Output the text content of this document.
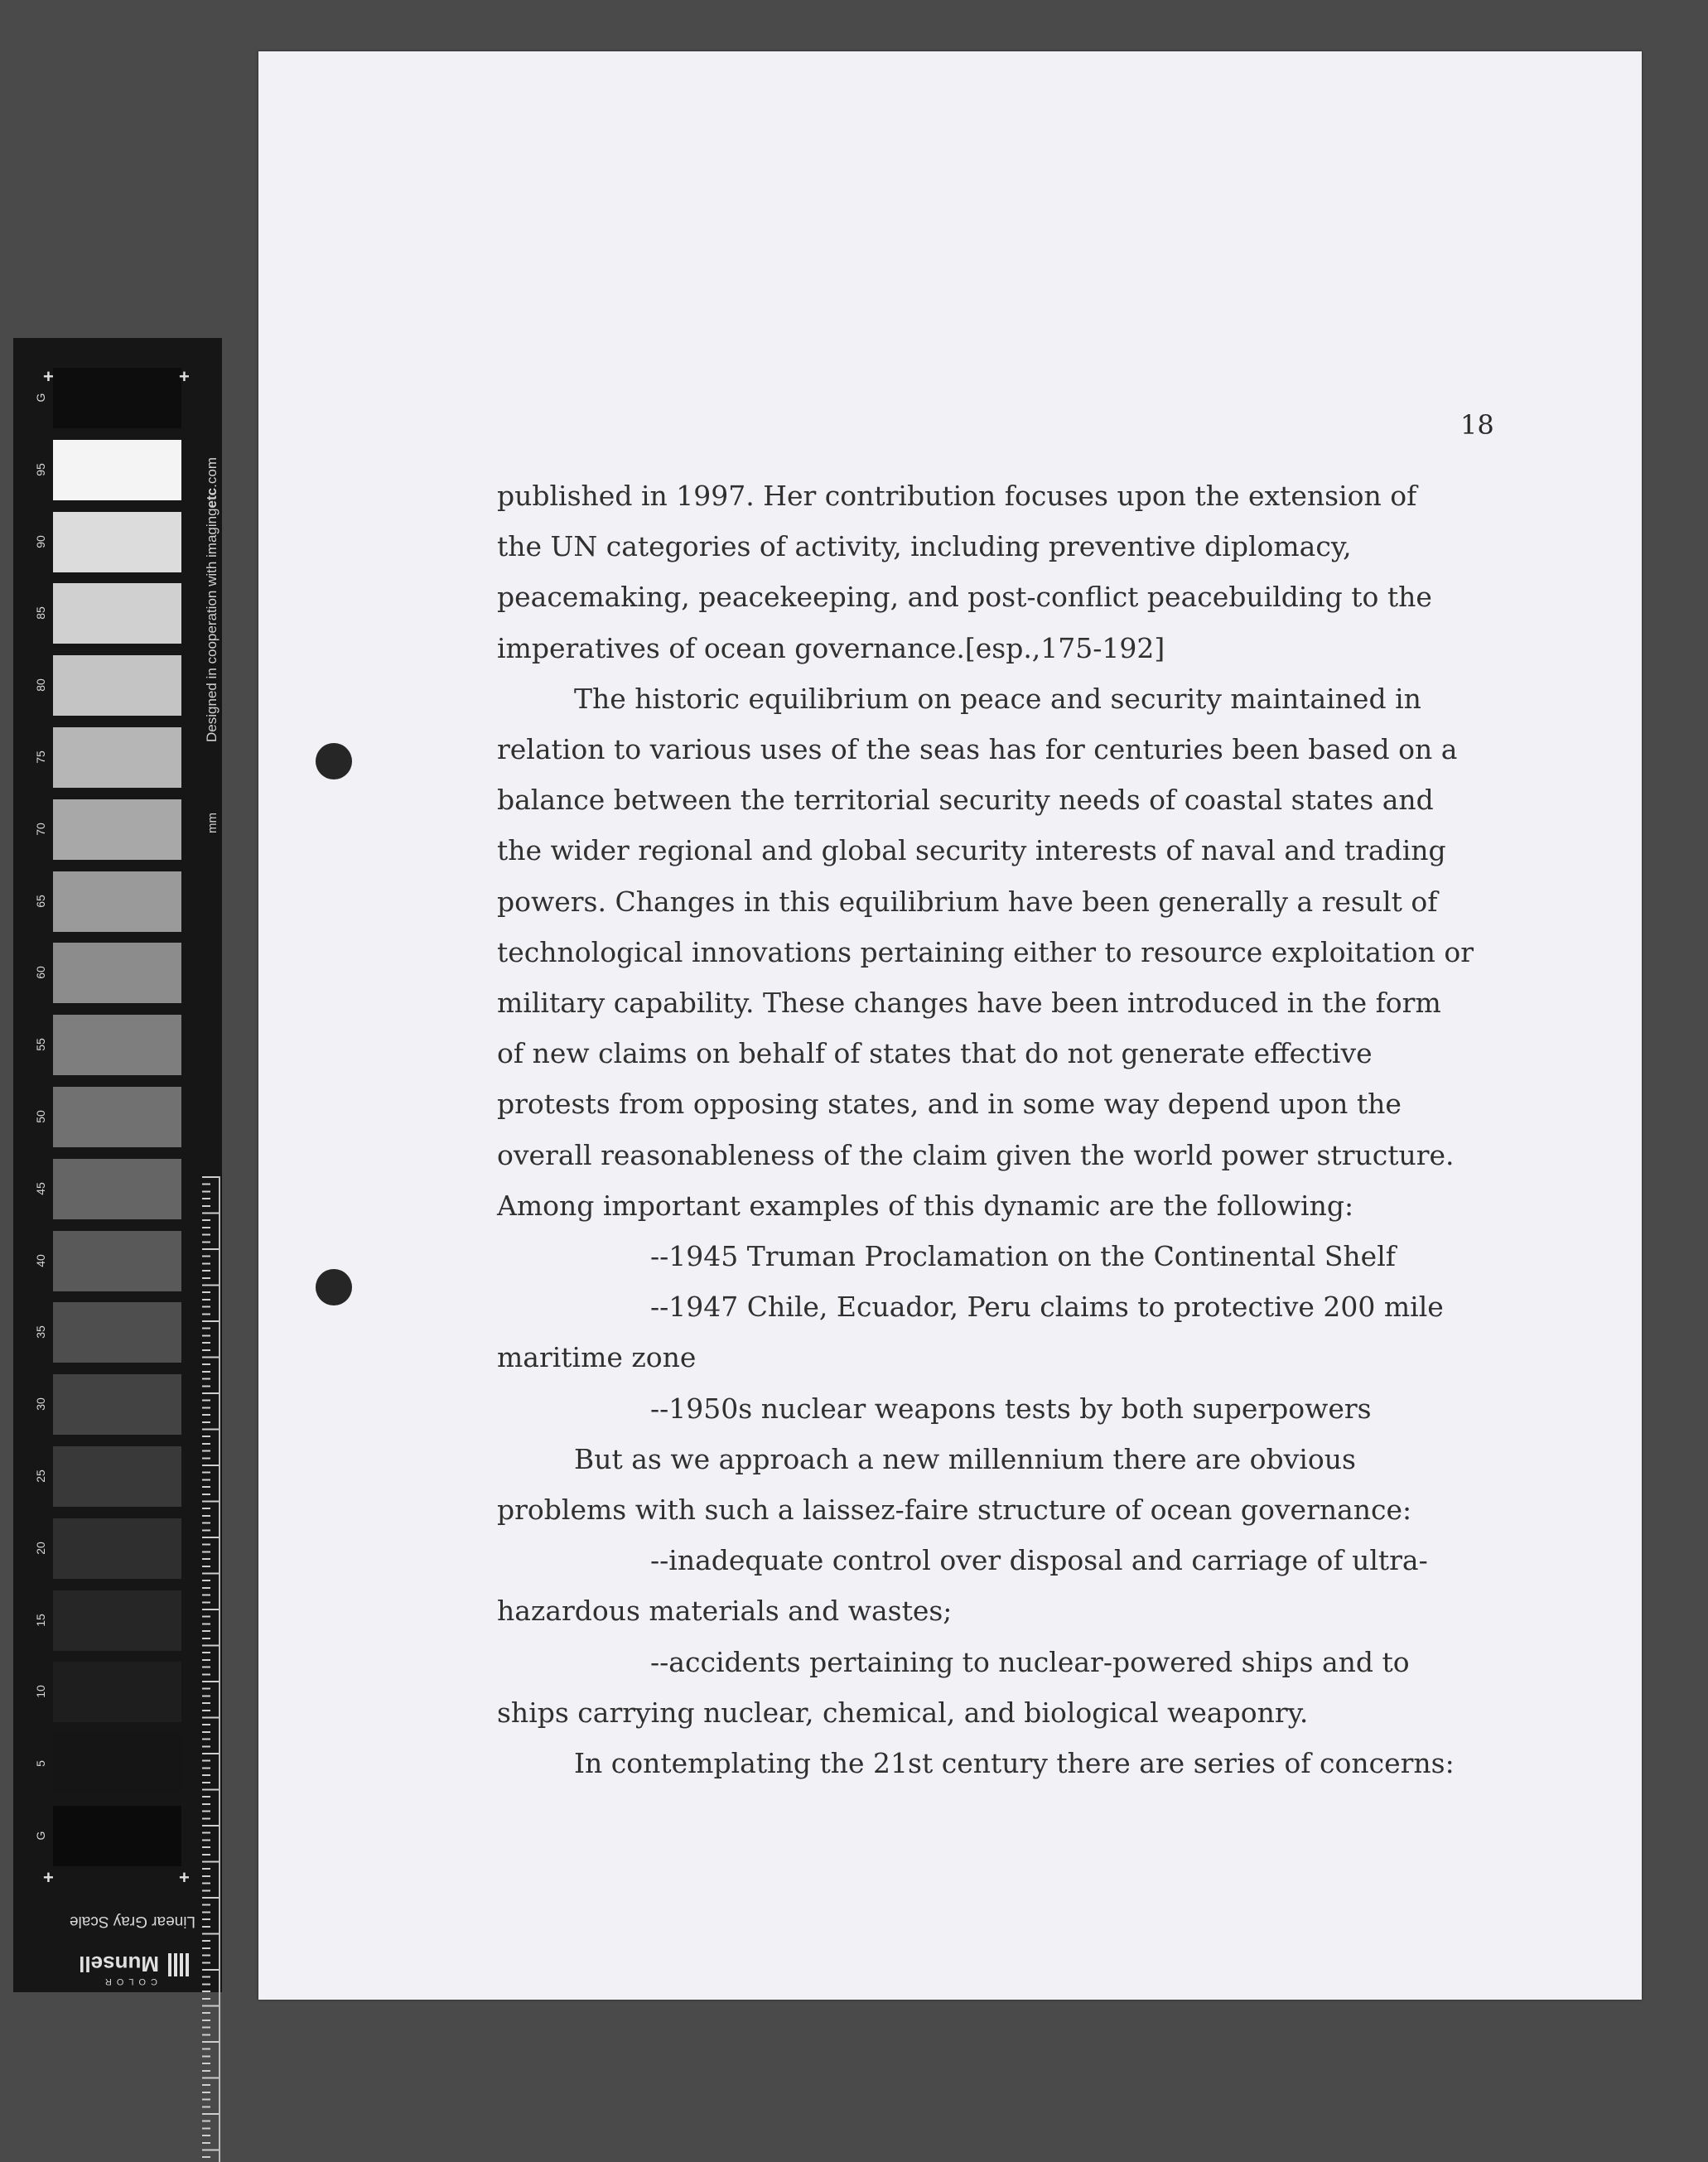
G
95
90
85
80
75
70
65
60
55
50
45
40
35
30
25
20
15
10
5
G
+	+
+	+
Designed in cooperation with imagingetc.com
mm
Linear Gray Scale
Munsell
COLOR
18

published in 1997. Her contribution focuses upon the extension of

the UN categories of activity, including preventive diplomacy,

peacemaking, peacekeeping, and post-conflict peacebuilding to the

imperatives of ocean governance.[esp.,175-192]

The historic equilibrium on peace and security maintained in

relation to various uses of the seas has for centuries been based on a

balance between the territorial security needs of coastal states and

the wider regional and global security interests of naval and trading

powers. Changes in this equilibrium have been generally a result of

technological innovations pertaining either to resource exploitation or

military capability. These changes have been introduced in the form

of new claims on behalf of states that do not generate effective

protests from opposing states, and in some way depend upon the

overall reasonableness of the claim given the world power structure.

Among important examples of this dynamic are the following:

--1945 Truman Proclamation on the Continental Shelf

--1947 Chile, Ecuador, Peru claims to protective 200 mile

maritime zone

--1950s nuclear weapons tests by both superpowers

But as we approach a new millennium there are obvious

problems with such a laissez-faire structure of ocean governance:

--inadequate control over disposal and carriage of ultra-

hazardous materials and wastes;

--accidents pertaining to nuclear-powered ships and to

ships carrying nuclear, chemical, and biological weaponry.

In contemplating the 21st century there are series of concerns:
